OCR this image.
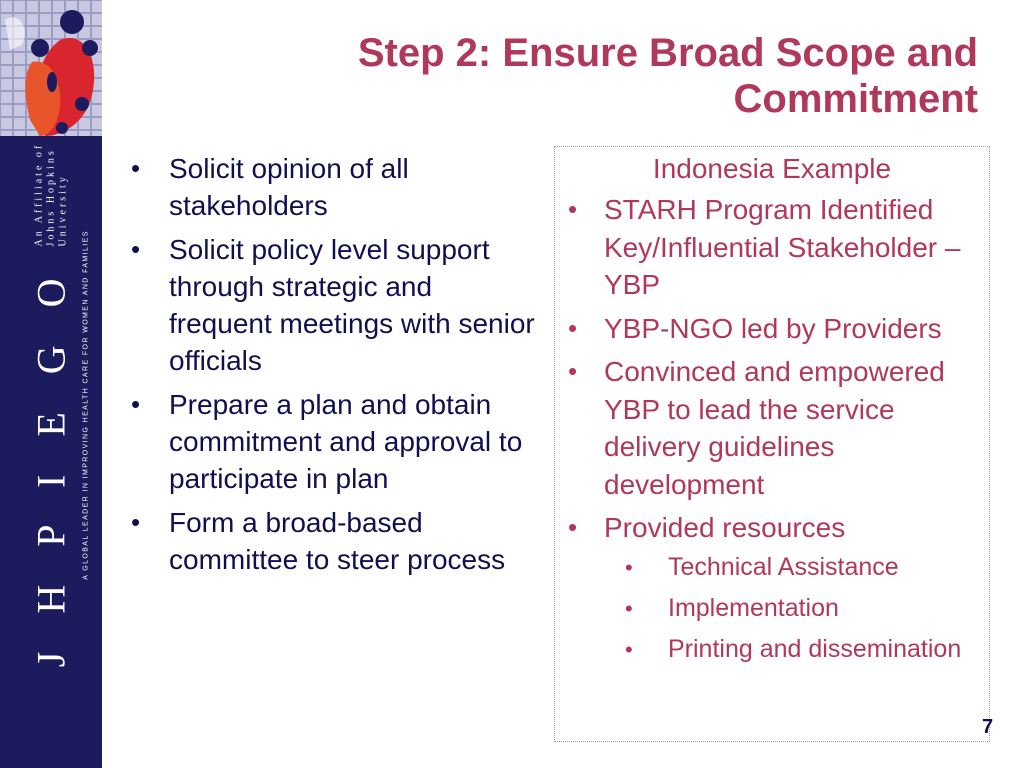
J H P I E G O
An Affiliate of Johns Hopkins University
A GLOBAL LEADER IN IMPROVING HEALTH CARE FOR WOMEN AND FAMILIES
Step 2: Ensure Broad Scope and Commitment
• Solicit opinion of all stakeholders
• Solicit policy level support through strategic and frequent meetings with senior officials
• Prepare a plan and obtain commitment and approval to participate in plan
• Form a broad-based committee to steer process
Indonesia Example
• STARH Program Identified Key/Influential Stakeholder – YBP
• YBP-NGO led by Providers
• Convinced and empowered YBP to lead the service delivery guidelines development
• Provided resources
• Technical Assistance
• Implementation
• Printing and dissemination
7
